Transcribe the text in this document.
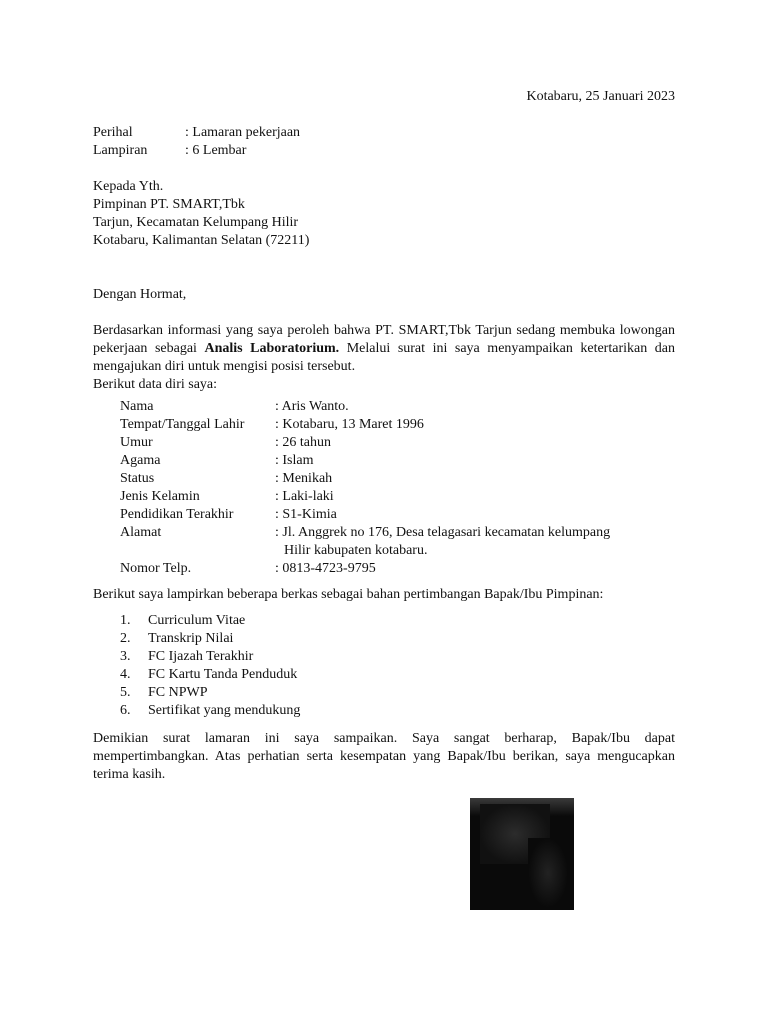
Kotabaru, 25 Januari 2023
Perihal	: Lamaran pekerjaan
Lampiran	: 6 Lembar
Kepada Yth.
Pimpinan PT. SMART,Tbk
Tarjun, Kecamatan Kelumpang Hilir
Kotabaru, Kalimantan Selatan (72211)
Dengan Hormat,
Berdasarkan informasi yang saya peroleh bahwa PT. SMART,Tbk Tarjun sedang membuka lowongan pekerjaan sebagai Analis Laboratorium. Melalui surat ini saya menyampaikan ketertarikan dan mengajukan diri untuk mengisi posisi tersebut.
Berikut data diri saya:
Nama	: Aris Wanto.
Tempat/Tanggal Lahir	: Kotabaru, 13 Maret 1996
Umur	: 26 tahun
Agama	: Islam
Status	: Menikah
Jenis Kelamin	: Laki-laki
Pendidikan Terakhir	: S1-Kimia
Alamat	: Jl. Anggrek no 176, Desa telagasari kecamatan kelumpang
Hilir kabupaten kotabaru.
Nomor Telp.	: 0813-4723-9795
Berikut saya lampirkan beberapa berkas sebagai bahan pertimbangan Bapak/Ibu Pimpinan:
1.	Curriculum Vitae
2.	Transkrip Nilai
3.	FC Ijazah Terakhir
4.	FC Kartu Tanda Penduduk
5.	FC NPWP
6.	Sertifikat yang mendukung
Demikian surat lamaran ini saya sampaikan. Saya sangat berharap, Bapak/Ibu dapat mempertimbangkan. Atas perhatian serta kesempatan yang Bapak/Ibu berikan, saya mengucapkan terima kasih.
